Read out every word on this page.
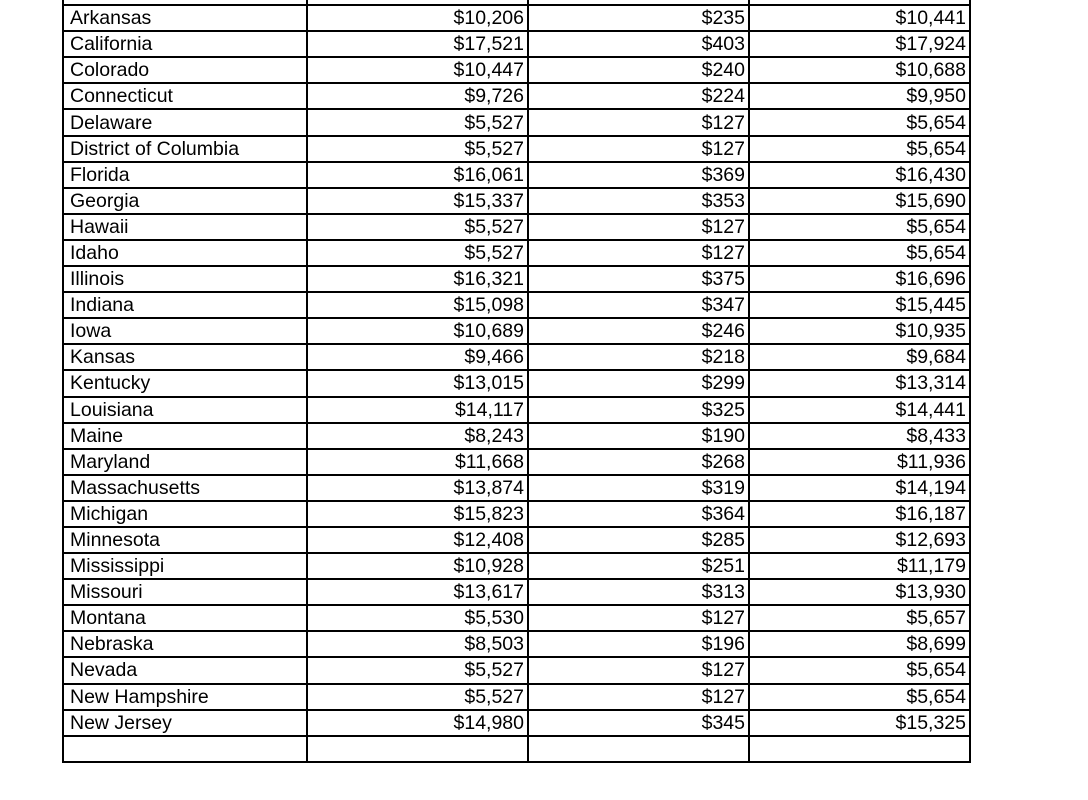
Arkansas	$10,206	$235	$10,441
California	$17,521	$403	$17,924
Colorado	$10,447	$240	$10,688
Connecticut	$9,726	$224	$9,950
Delaware	$5,527	$127	$5,654
District of Columbia	$5,527	$127	$5,654
Florida	$16,061	$369	$16,430
Georgia	$15,337	$353	$15,690
Hawaii	$5,527	$127	$5,654
Idaho	$5,527	$127	$5,654
Illinois	$16,321	$375	$16,696
Indiana	$15,098	$347	$15,445
Iowa	$10,689	$246	$10,935
Kansas	$9,466	$218	$9,684
Kentucky	$13,015	$299	$13,314
Louisiana	$14,117	$325	$14,441
Maine	$8,243	$190	$8,433
Maryland	$11,668	$268	$11,936
Massachusetts	$13,874	$319	$14,194
Michigan	$15,823	$364	$16,187
Minnesota	$12,408	$285	$12,693
Mississippi	$10,928	$251	$11,179
Missouri	$13,617	$313	$13,930
Montana	$5,530	$127	$5,657
Nebraska	$8,503	$196	$8,699
Nevada	$5,527	$127	$5,654
New Hampshire	$5,527	$127	$5,654
New Jersey	$14,980	$345	$15,325
